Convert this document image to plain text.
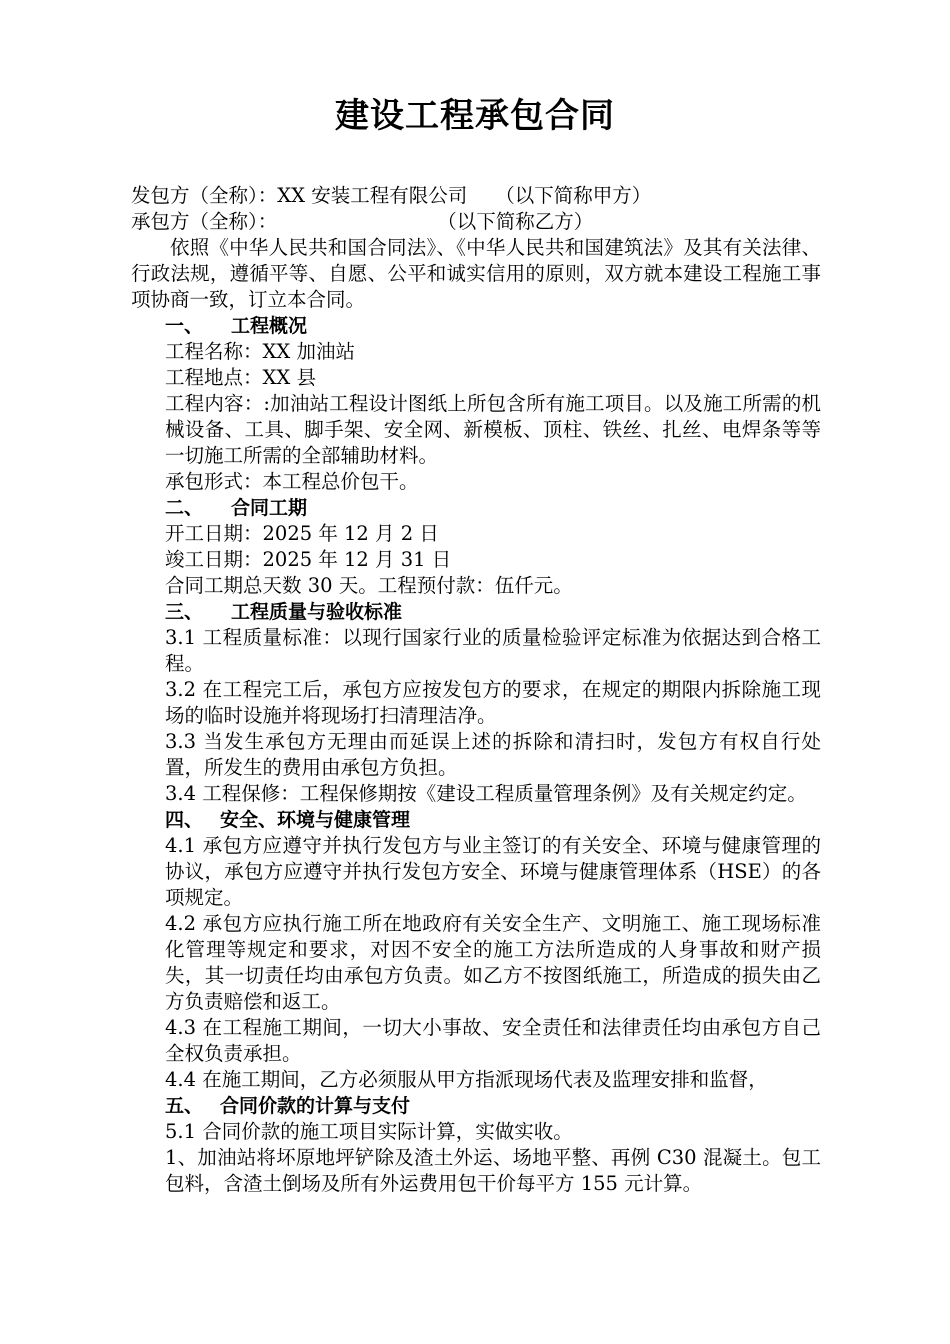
建设工程承包合同

发包方（全称）：XX 安装工程有限公司 （以下简称甲方）

承包方（全称）：	（以下简称乙方）

依照《中华人民共和国合同法》、《中华人民共和国建筑法》及其有关法律、行政法规，遵循平等、自愿、公平和诚实信用的原则，双方就本建设工程施工事项协商一致，订立本合同。

一、 工程概况

工程名称：XX 加油站

工程地点：XX 县

工程内容：:加油站工程设计图纸上所包含所有施工项目。以及施工所需的机械设备、工具、脚手架、安全网、新模板、顶柱、铁丝、扎丝、电焊条等等一切施工所需的全部辅助材料。

承包形式：本工程总价包干。

二、 合同工期

开工日期：2025 年 12 月 2 日

竣工日期：2025 年 12 月 31 日

合同工期总天数 30 天。工程预付款：伍仟元。

三、 工程质量与验收标准

3.1 工程质量标准：以现行国家行业的质量检验评定标准为依据达到合格工程。

3.2 在工程完工后，承包方应按发包方的要求，在规定的期限内拆除施工现场的临时设施并将现场打扫清理洁净。

3.3 当发生承包方无理由而延误上述的拆除和清扫时，发包方有权自行处置，所发生的费用由承包方负担。

3.4 工程保修：工程保修期按《建设工程质量管理条例》及有关规定约定。

四、 安全、环境与健康管理

4.1 承包方应遵守并执行发包方与业主签订的有关安全、环境与健康管理的协议，承包方应遵守并执行发包方安全、环境与健康管理体系（HSE）的各项规定。

4.2 承包方应执行施工所在地政府有关安全生产、文明施工、施工现场标准化管理等规定和要求，对因不安全的施工方法所造成的人身事故和财产损失，其一切责任均由承包方负责。如乙方不按图纸施工，所造成的损失由乙方负责赔偿和返工。

4.3 在工程施工期间，一切大小事故、安全责任和法律责任均由承包方自己全权负责承担。

4.4 在施工期间，乙方必须服从甲方指派现场代表及监理安排和监督，

五、 合同价款的计算与支付

5.1 合同价款的施工项目实际计算，实做实收。

1、加油站将坏原地坪铲除及渣土外运、场地平整、再例 C30 混凝土。包工包料，含渣土倒场及所有外运费用包干价每平方 155 元计算。
